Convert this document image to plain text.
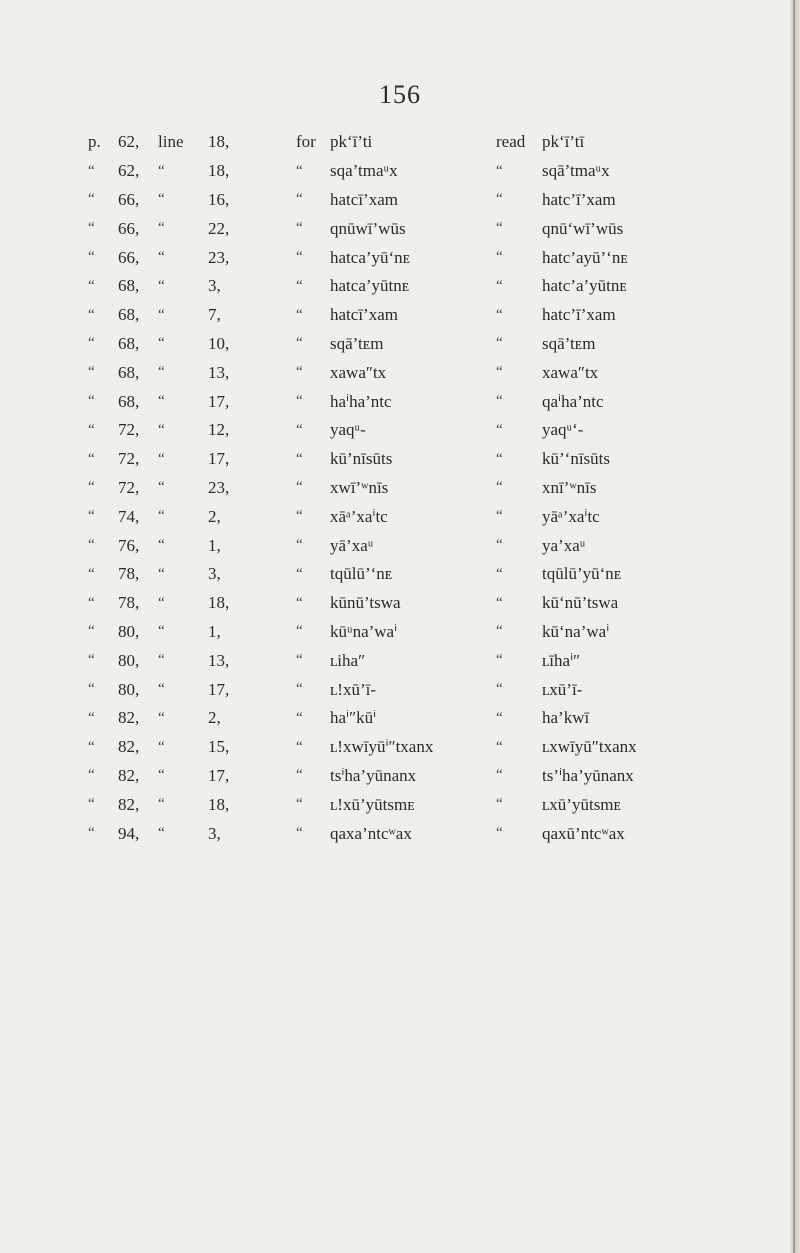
156
p.	62,	line	18,	for	pk‘ī’ti	read	pk‘ī’tī
“	62,	“	18,	“	sqa’tmaᵘx	“	sqā’tmaᵘx
“	66,	“	16,	“	hatcī’xam	“	hatc’ī’xam
“	66,	“	22,	“	qnūwī’wūs	“	qnū‘wī’wūs
“	66,	“	23,	“	hatca’yū‘nᴇ	“	hatc’ayū’‘nᴇ
“	68,	“	3,	“	hatca’yūtnᴇ	“	hatc’a’yūtnᴇ
“	68,	“	7,	“	hatcī’xam	“	hatc’ī’xam
“	68,	“	10,	“	sqā’tᴇm	“	sqā’tᴇm
“	68,	“	13,	“	xawa″tx	“	xawa″tx
“	68,	“	17,	“	haⁱha’ntc	“	qaⁱha’ntc
“	72,	“	12,	“	yaqᵘ-	“	yaqᵘ‘-
“	72,	“	17,	“	kū’nīsūts	“	kū’‘nīsūts
“	72,	“	23,	“	xwī’ʷnīs	“	xnī’ʷnīs
“	74,	“	2,	“	xāᵃ’xaⁱtc	“	yāᵃ’xaⁱtc
“	76,	“	1,	“	yā’xaᵘ	“	ya’xaᵘ
“	78,	“	3,	“	tqūlū’‘nᴇ	“	tqūlū’yū‘nᴇ
“	78,	“	18,	“	kūnū’tswa	“	kū‘nū’tswa
“	80,	“	1,	“	kūᵘna’waⁱ	“	kū‘na’waⁱ
“	80,	“	13,	“	ʟiha″	“	ʟīhaⁱ″
“	80,	“	17,	“	ʟ!xū’ī-	“	ʟxū’ī-
“	82,	“	2,	“	haⁱ″kūⁱ	“	ha’kwī
“	82,	“	15,	“	ʟ!xwīyūⁱ″txanx	“	ʟxwīyū″txanx
“	82,	“	17,	“	tsⁱha’yūnanx	“	ts’ⁱha’yūnanx
“	82,	“	18,	“	ʟ!xū’yūtsmᴇ	“	ʟxū’yūtsmᴇ
“	94,	“	3,	“	qaxa’ntcʷax	“	qaxū’ntcʷax
